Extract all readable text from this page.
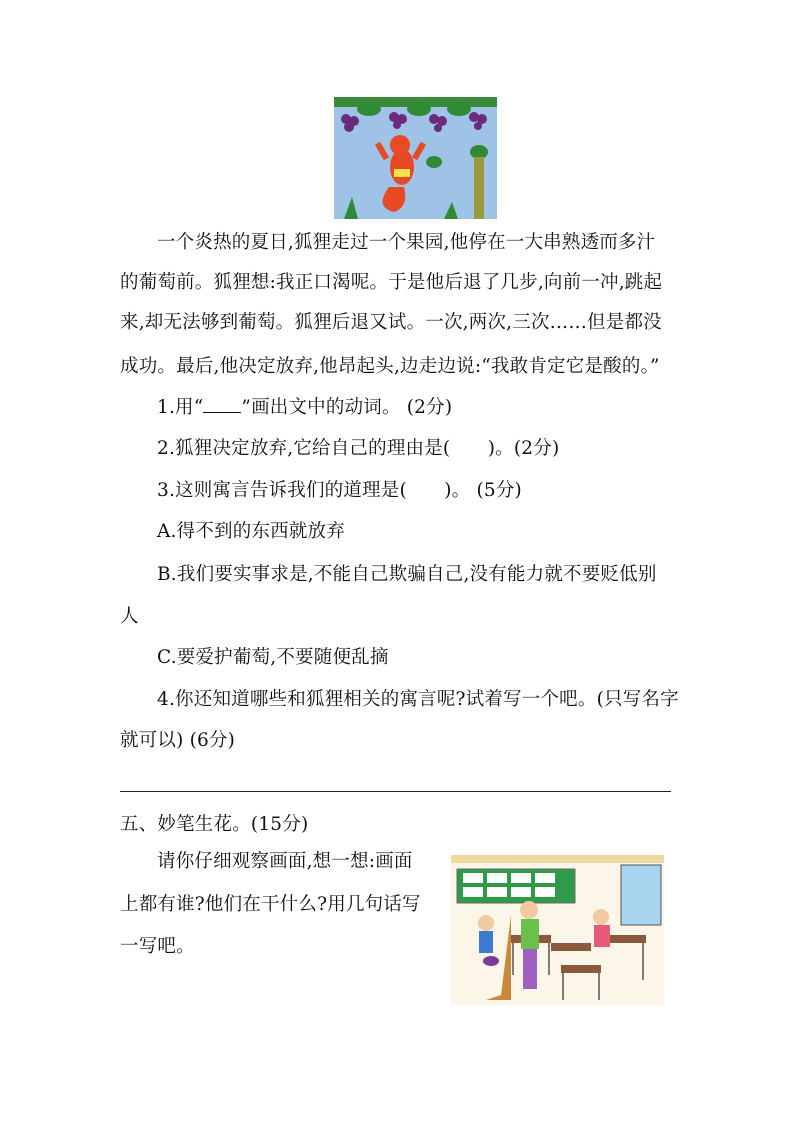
一个炎热的夏日,狐狸走过一个果园,他停在一大串熟透而多汁
的葡萄前。狐狸想:我正口渴呢。于是他后退了几步,向前一冲,跳起
来,却无法够到葡萄。狐狸后退又试。一次,两次,三次……但是都没
成功。最后,他决定放弃,他昂起头,边走边说:“我敢肯定它是酸的。”
1.用“ ”画出文中的动词。 (2分)
2.狐狸决定放弃,它给自己的理由是(　　)。(2分)
3.这则寓言告诉我们的道理是(　　)。 (5分)
A.得不到的东西就放弃
B.我们要实事求是,不能自己欺骗自己,没有能力就不要贬低别
人
C.要爱护葡萄,不要随便乱摘
4.你还知道哪些和狐狸相关的寓言呢?试着写一个吧。(只写名字
就可以) (6分)
五、妙笔生花。(15分)
请你仔细观察画面,想一想:画面
上都有谁?他们在干什么?用几句话写
一写吧。
